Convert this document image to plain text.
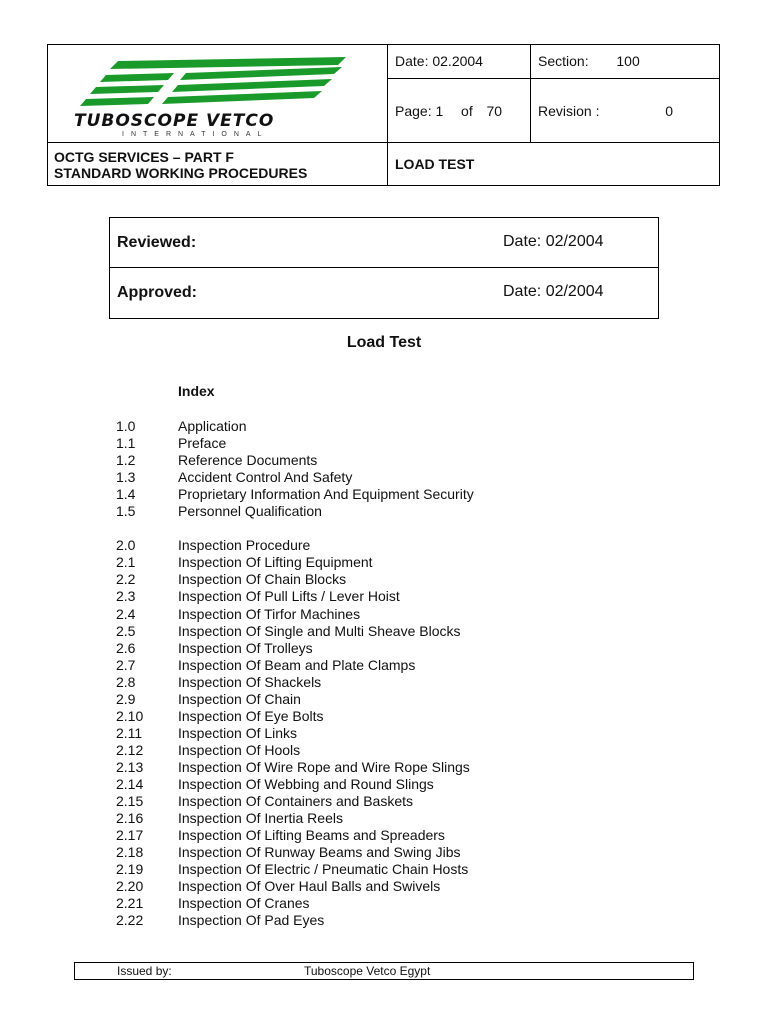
TUBOSCOPE VETCO
INTERNATIONAL
Date: 02.2004	Section: 100
Page: 1 of 70	Revision :	0
OCTG SERVICES – PART F
STANDARD WORKING PROCEDURES
LOAD TEST
Reviewed:	Date: 02/2004
Approved:	Date: 02/2004
Load Test
Index
1.0	Application
1.1	Preface
1.2	Reference Documents
1.3	Accident Control And Safety
1.4	Proprietary Information And Equipment Security
1.5	Personnel Qualification
2.0	Inspection Procedure
2.1	Inspection Of Lifting Equipment
2.2	Inspection Of Chain Blocks
2.3	Inspection Of Pull Lifts / Lever Hoist
2.4	Inspection Of Tirfor Machines
2.5	Inspection Of Single and Multi Sheave Blocks
2.6	Inspection Of Trolleys
2.7	Inspection Of Beam and Plate Clamps
2.8	Inspection Of Shackels
2.9	Inspection Of Chain
2.10 Inspection Of Eye Bolts
2.11	Inspection Of Links
2.12 Inspection Of Hools
2.13 Inspection Of Wire Rope and Wire Rope Slings
2.14 Inspection Of Webbing and Round Slings
2.15 Inspection Of Containers and Baskets
2.16 Inspection Of Inertia Reels
2.17 Inspection Of Lifting Beams and Spreaders
2.18 Inspection Of Runway Beams and Swing Jibs
2.19 Inspection Of Electric / Pneumatic Chain Hosts
2.20 Inspection Of Over Haul Balls and Swivels
2.21 Inspection Of Cranes
2.22 Inspection Of Pad Eyes
Issued by:	Tuboscope Vetco Egypt
